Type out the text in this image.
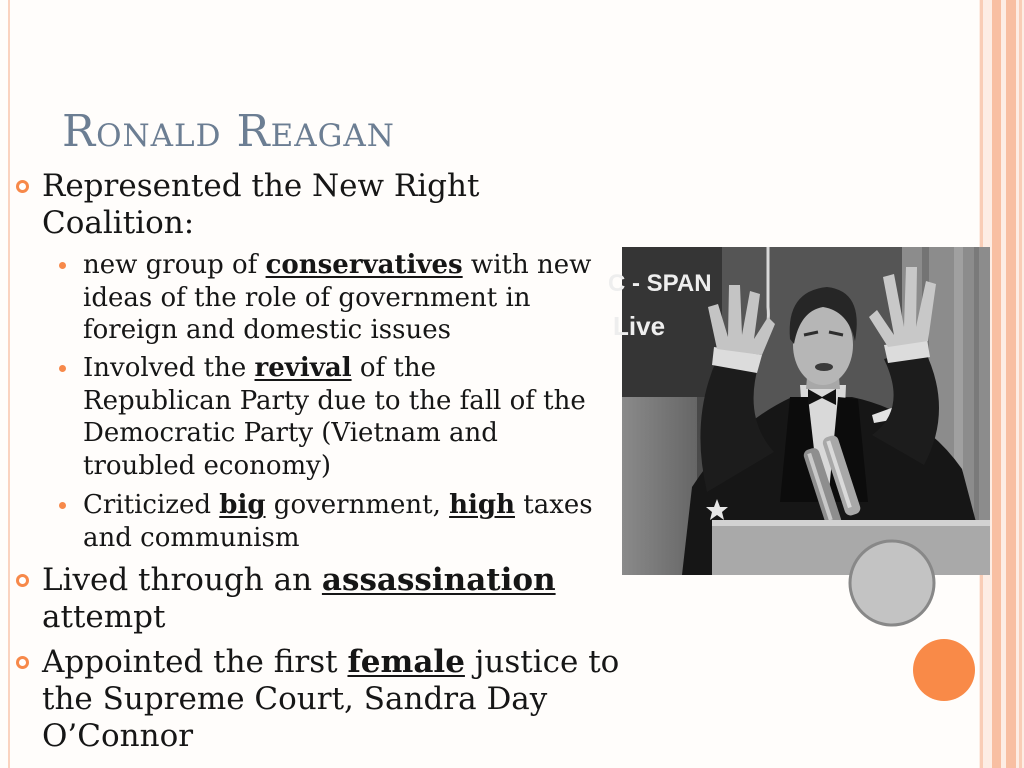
Ronald Reagan
Represented the New Right
Coalition:
new group of conservatives with new
ideas of the role of government in
foreign and domestic issues
Involved the revival of the
Republican Party due to the fall of the
Democratic Party (Vietnam and
troubled economy)
Criticized big government, high taxes
and communism
Lived through an assassination
attempt
Appointed the first female justice to
the Supreme Court, Sandra Day
O’Connor
C - SPAN
Live
